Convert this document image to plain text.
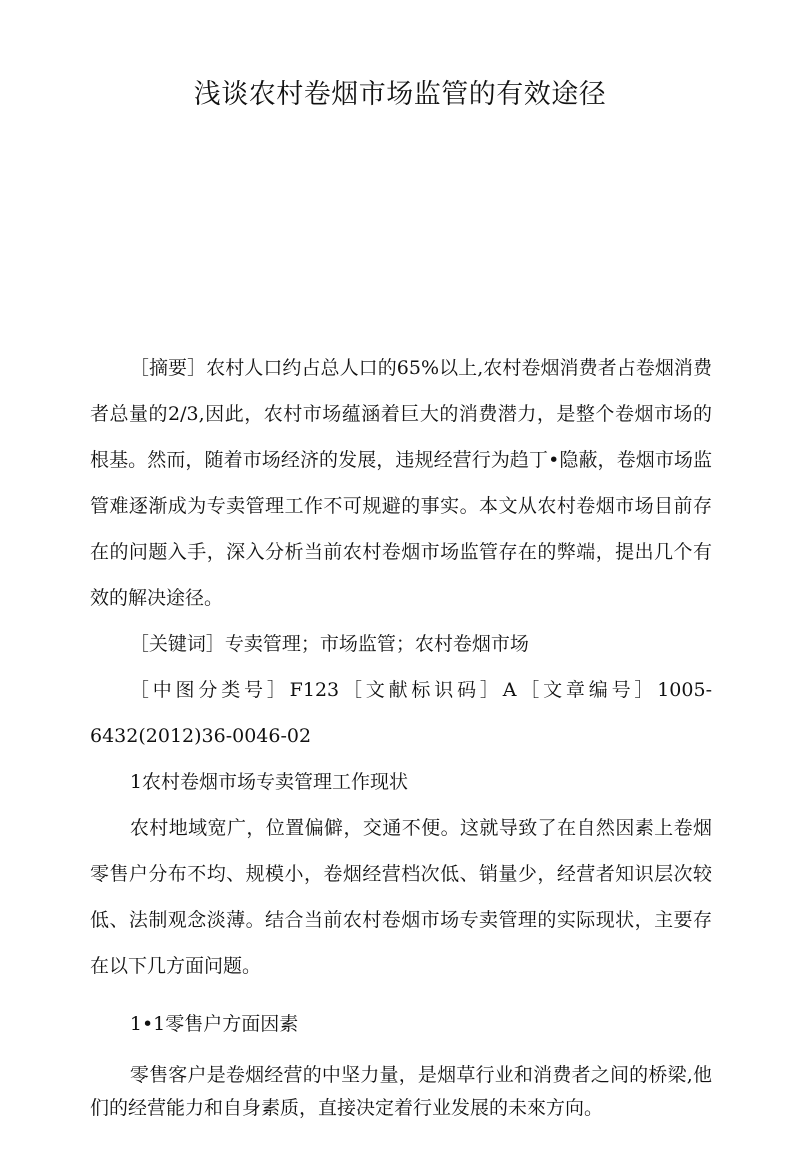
浅谈农村卷烟市场监管的有效途径

［摘要］农村人口约占总人口的65%以上,农村卷烟消费者占卷烟消费者总量的2/3,因此，农村市场蕴涵着巨大的消费潜力，是整个卷烟市场的根基。然而，随着市场经济的发展，违规经营行为趋丁•隐蔽，卷烟市场监管难逐渐成为专卖管理工作不可规避的事实。本文从农村卷烟市场目前存在的问题入手，深入分析当前农村卷烟市场监管存在的弊端，提出几个有效的解决途径。

［关键词］专卖管理；市场监管；农村卷烟市场

［中图分类号］F123［文献标识码］A［文章编号］1005-6432(2012)36-0046-02

1农村卷烟市场专卖管理工作现状

农村地域宽广，位置偏僻，交通不便。这就导致了在自然因素上卷烟零售户分布不均、规模小，卷烟经营档次低、销量少，经营者知识层次较低、法制观念淡薄。结合当前农村卷烟市场专卖管理的实际现状，主要存在以下几方面问题。

1•1零售户方面因素

零售客户是卷烟经营的中坚力量，是烟草行业和消费者之间的桥梁,他们的经营能力和自身素质，直接决定着行业发展的未來方向。
